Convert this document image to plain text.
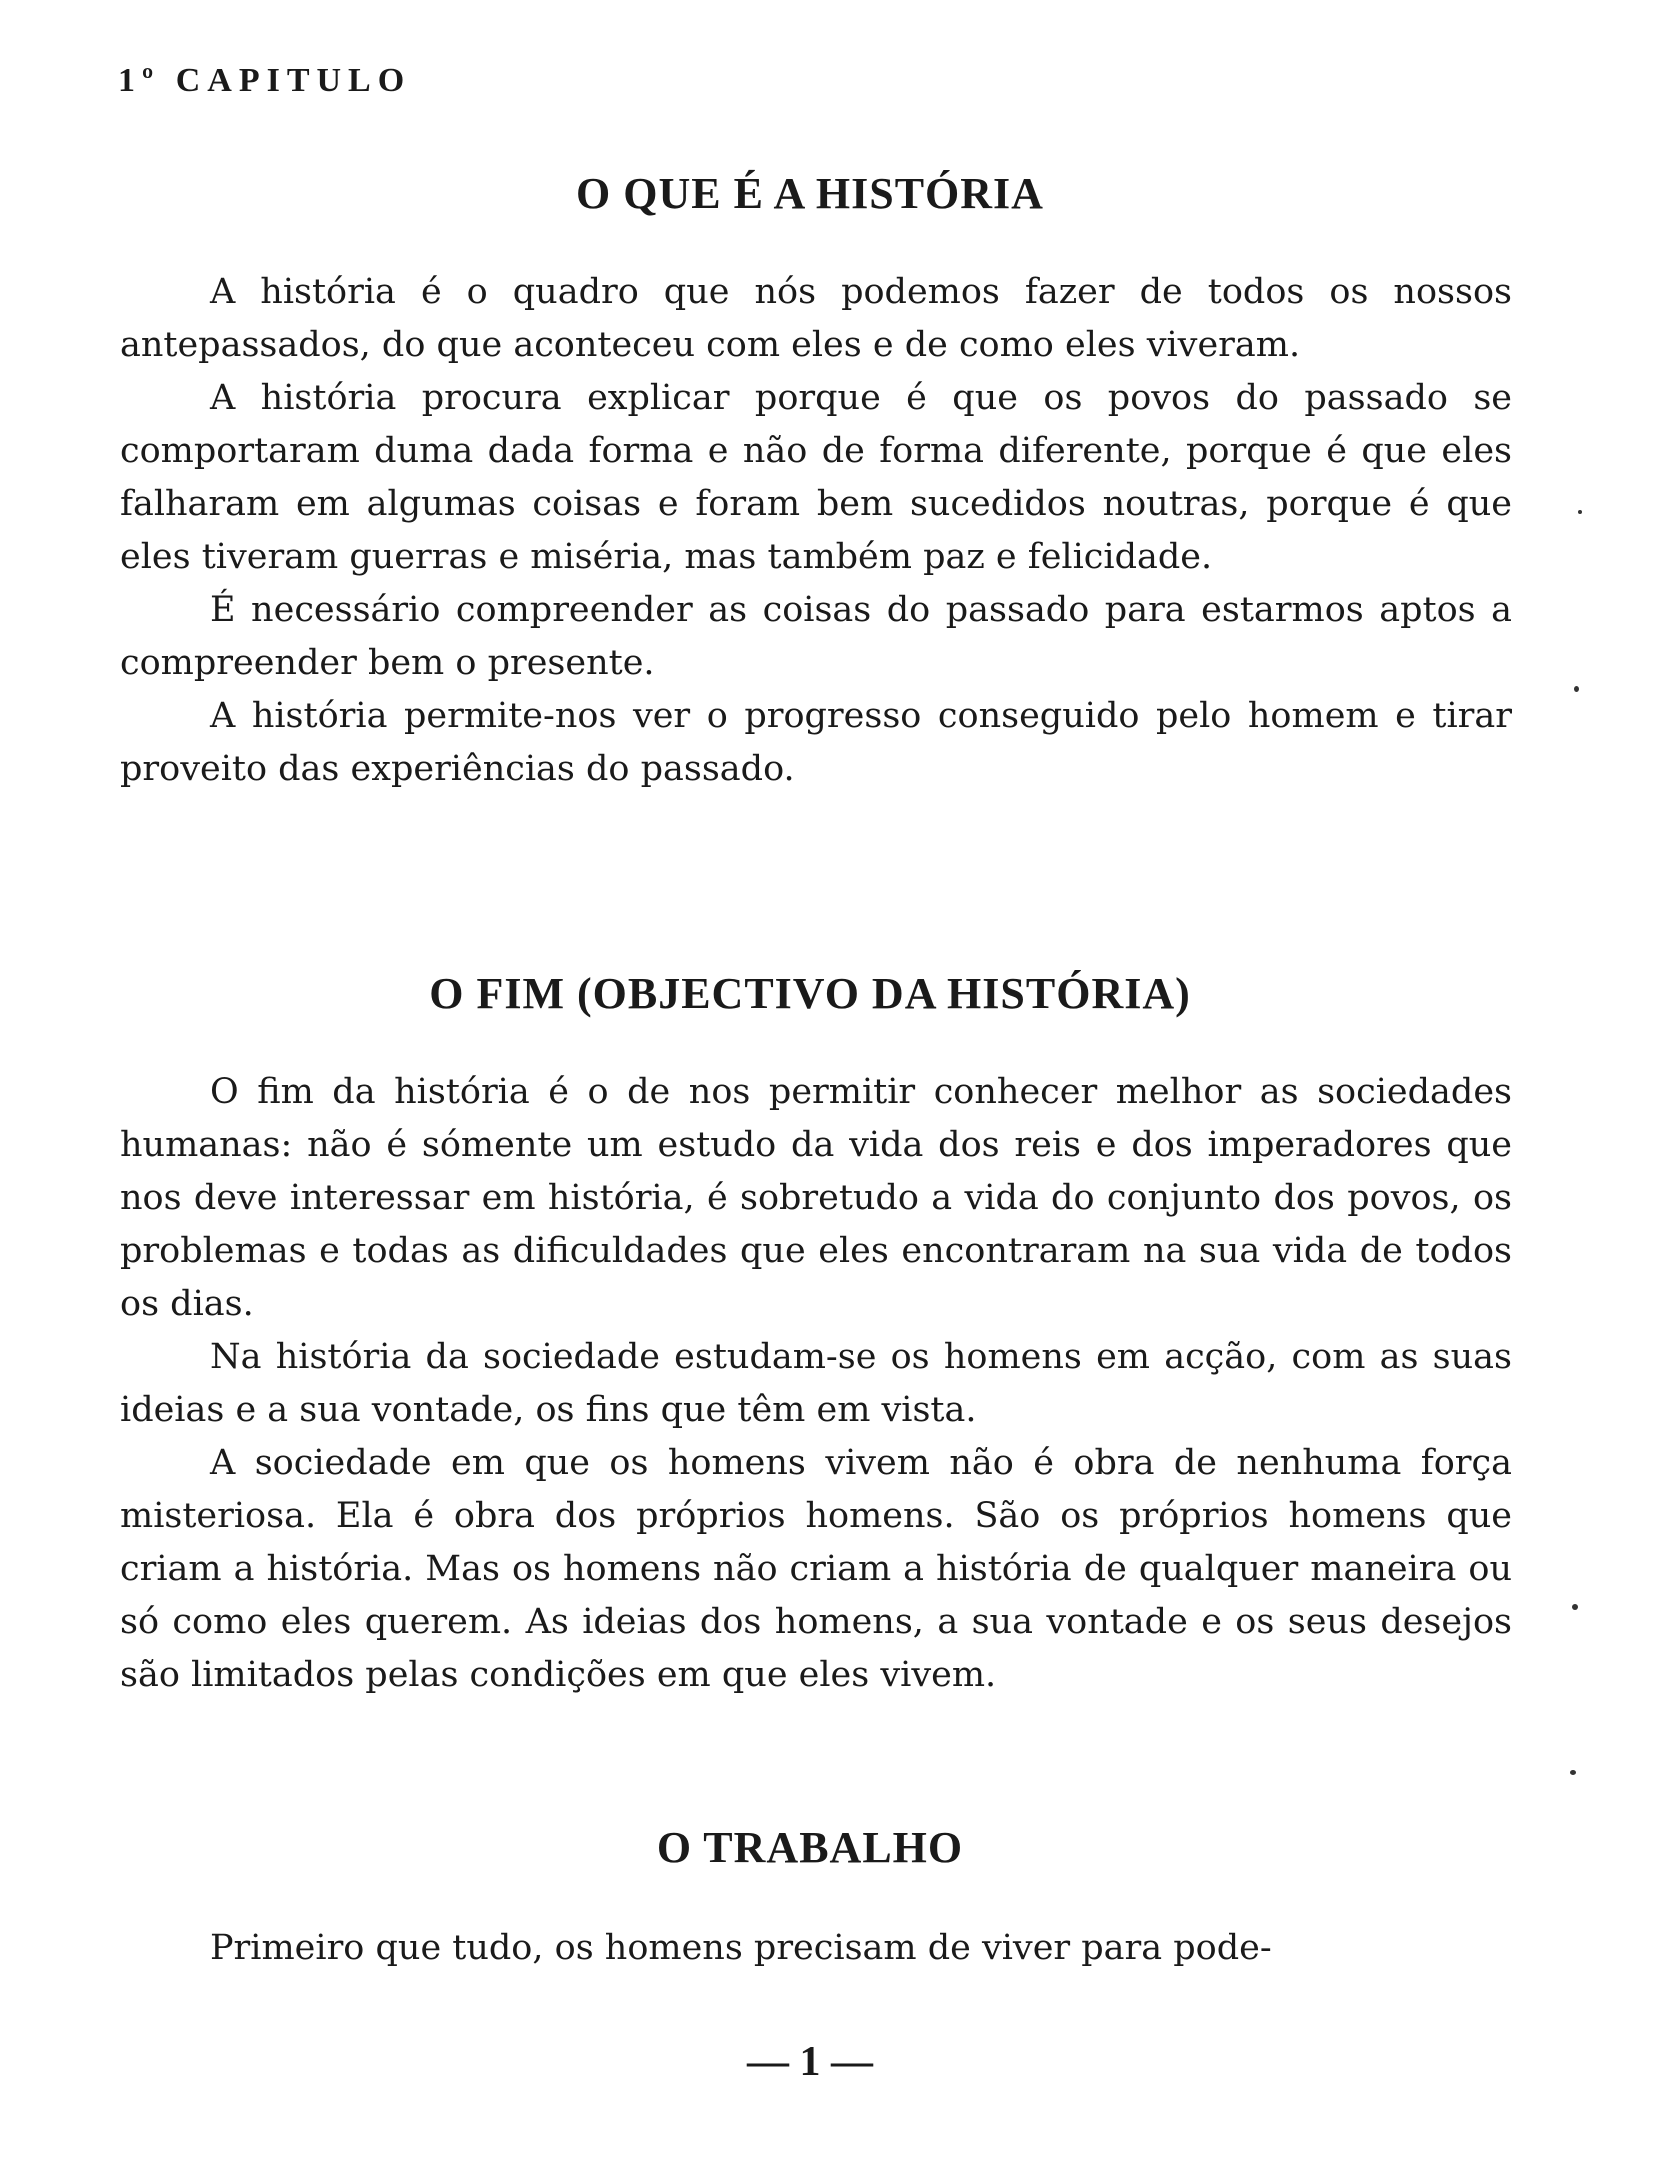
1º CAPITULO
O QUE É A HISTÓRIA

A história é o quadro que nós podemos fazer de todos os nossos antepassados, do que aconteceu com eles e de como eles viveram.

A história procura explicar porque é que os povos do passado se comportaram duma dada forma e não de forma diferente, porque é que eles falharam em algumas coisas e foram bem sucedidos noutras, porque é que eles tiveram guerras e miséria, mas também paz e felicidade.

É necessário compreender as coisas do passado para estarmos aptos a compreender bem o presente.

A história permite-nos ver o progresso conseguido pelo homem e tirar proveito das experiências do passado.

O FIM (OBJECTIVO DA HISTÓRIA)

O fim da história é o de nos permitir conhecer melhor as sociedades humanas: não é sómente um estudo da vida dos reis e dos imperadores que nos deve interessar em história, é sobretudo a vida do conjunto dos povos, os problemas e todas as dificuldades que eles encontraram na sua vida de todos os dias.

Na história da sociedade estudam-se os homens em acção, com as suas ideias e a sua vontade, os fins que têm em vista.

A sociedade em que os homens vivem não é obra de nenhuma força misteriosa. Ela é obra dos próprios homens. São os próprios homens que criam a história. Mas os homens não criam a história de qualquer maneira ou só como eles querem. As ideias dos homens, a sua vontade e os seus desejos são limitados pelas condições em que eles vivem.

O TRABALHO

Primeiro que tudo, os homens precisam de viver para pode-

— 1 —
